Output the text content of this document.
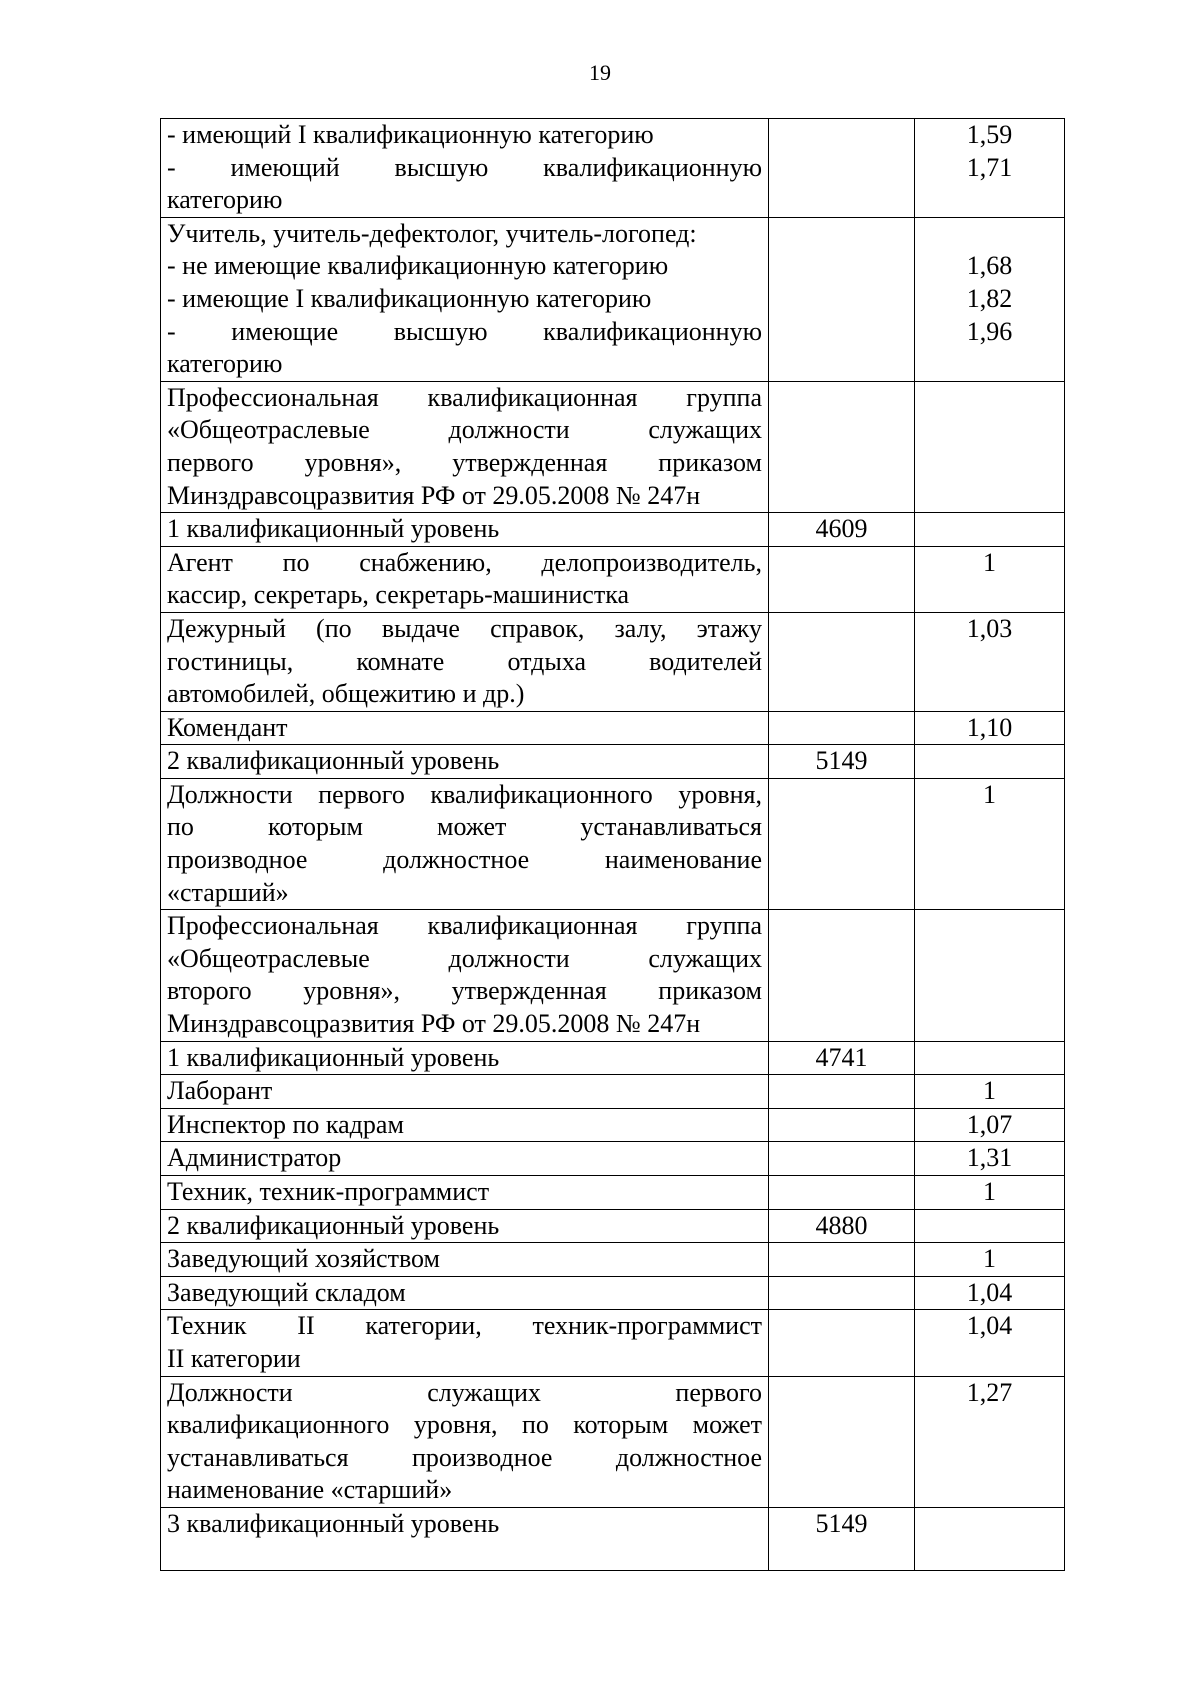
19
- имеющий I квалификационную категорию
- имеющий высшую квалификационную
категорию		1,59
1,71

Учитель, учитель-дефектолог, учитель-логопед:
- не имеющие квалификационную категорию
- имеющие I квалификационную категорию
- имеющие высшую квалификационную
категорию		1,68
1,82
1,96

Профессиональная квалификационная группа
«Общеотраслевые должности служащих
первого уровня», утвержденная приказом
Минздравсоцразвития РФ от 29.05.2008 № 247н		

1 квалификационный уровень	4609	

Агент по снабжению, делопроизводитель,
кассир, секретарь, секретарь-машинистка		1

Дежурный (по выдаче справок, залу, этажу
гостиницы, комнате отдыха водителей
автомобилей, общежитию и др.)		1,03

Комендант		1,10

2 квалификационный уровень	5149	

Должности первого квалификационного уровня,
по которым может устанавливаться
производное должностное наименование
«старший»		1

Профессиональная квалификационная группа
«Общеотраслевые должности служащих
второго уровня», утвержденная приказом
Минздравсоцразвития РФ от 29.05.2008 № 247н		

1 квалификационный уровень	4741	

Лаборант		1

Инспектор по кадрам		1,07

Администратор		1,31

Техник, техник-программист		1

2 квалификационный уровень	4880	

Заведующий хозяйством		1

Заведующий складом		1,04

Техник II категории, техник-программист
II категории		1,04

Должности служащих первого
квалификационного уровня, по которым может
устанавливаться производное должностное
наименование «старший»		1,27

3 квалификационный уровень	5149	
